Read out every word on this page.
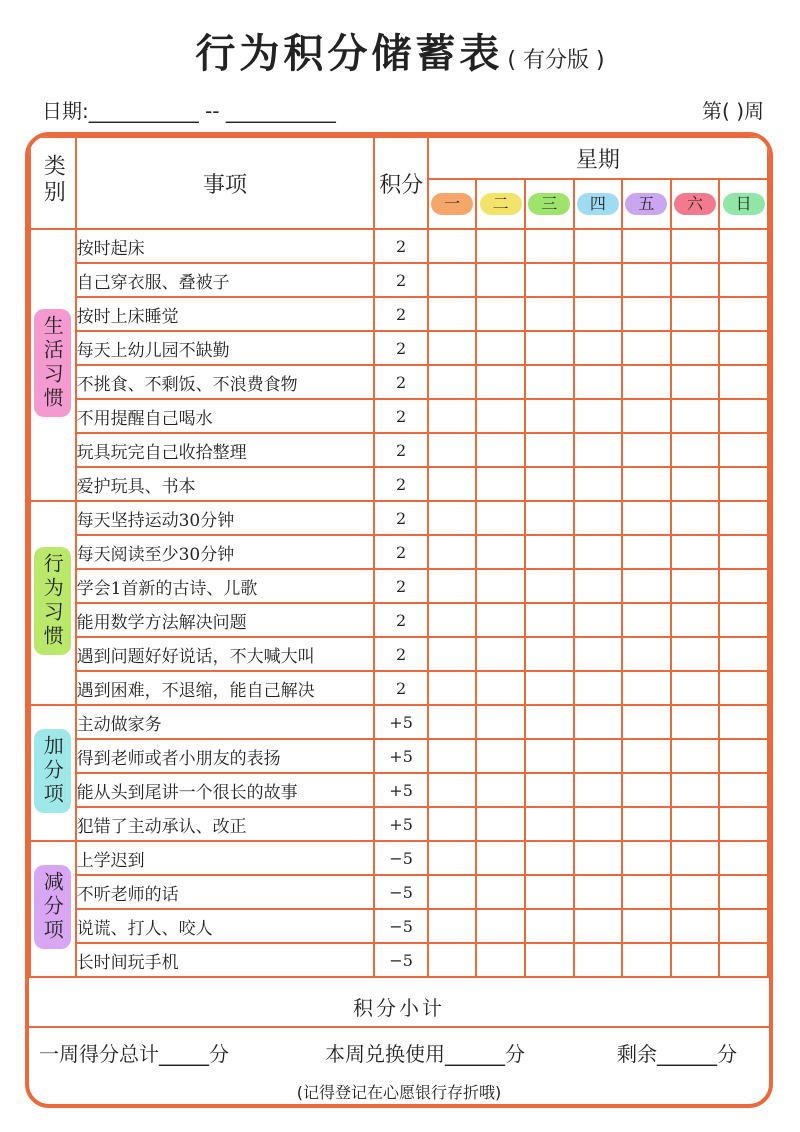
行为积分储蓄表 ( 有分版 )
日期:___________ -- ___________	第( )周
类别	事项	积分	星期						
			一	二	三	四	五	六	日
生活习惯	按时起床	2							
	自己穿衣服、叠被子	2							
	按时上床睡觉	2							
	每天上幼儿园不缺勤	2							
	不挑食、不剩饭、不浪费食物	2							
	不用提醒自己喝水	2							
	玩具玩完自己收拾整理	2							
	爱护玩具、书本	2							
行为习惯	每天坚持运动30分钟	2							
	每天阅读至少30分钟	2							
	学会1首新的古诗、儿歌	2							
	能用数学方法解决问题	2							
	遇到问题好好说话，不大喊大叫	2							
	遇到困难，不退缩，能自己解决	2							
加分项	主动做家务	+5							
	得到老师或者小朋友的表扬	+5							
	能从头到尾讲一个很长的故事	+5							
	犯错了主动承认、改正	+5							
减分项	上学迟到	−5							
	不听老师的话	−5							
	说谎、打人、咬人	−5							
	长时间玩手机	−5							
积分小计
一周得分总计_____分	本周兑换使用______分	剩余______分
(记得登记在心愿银行存折哦)
